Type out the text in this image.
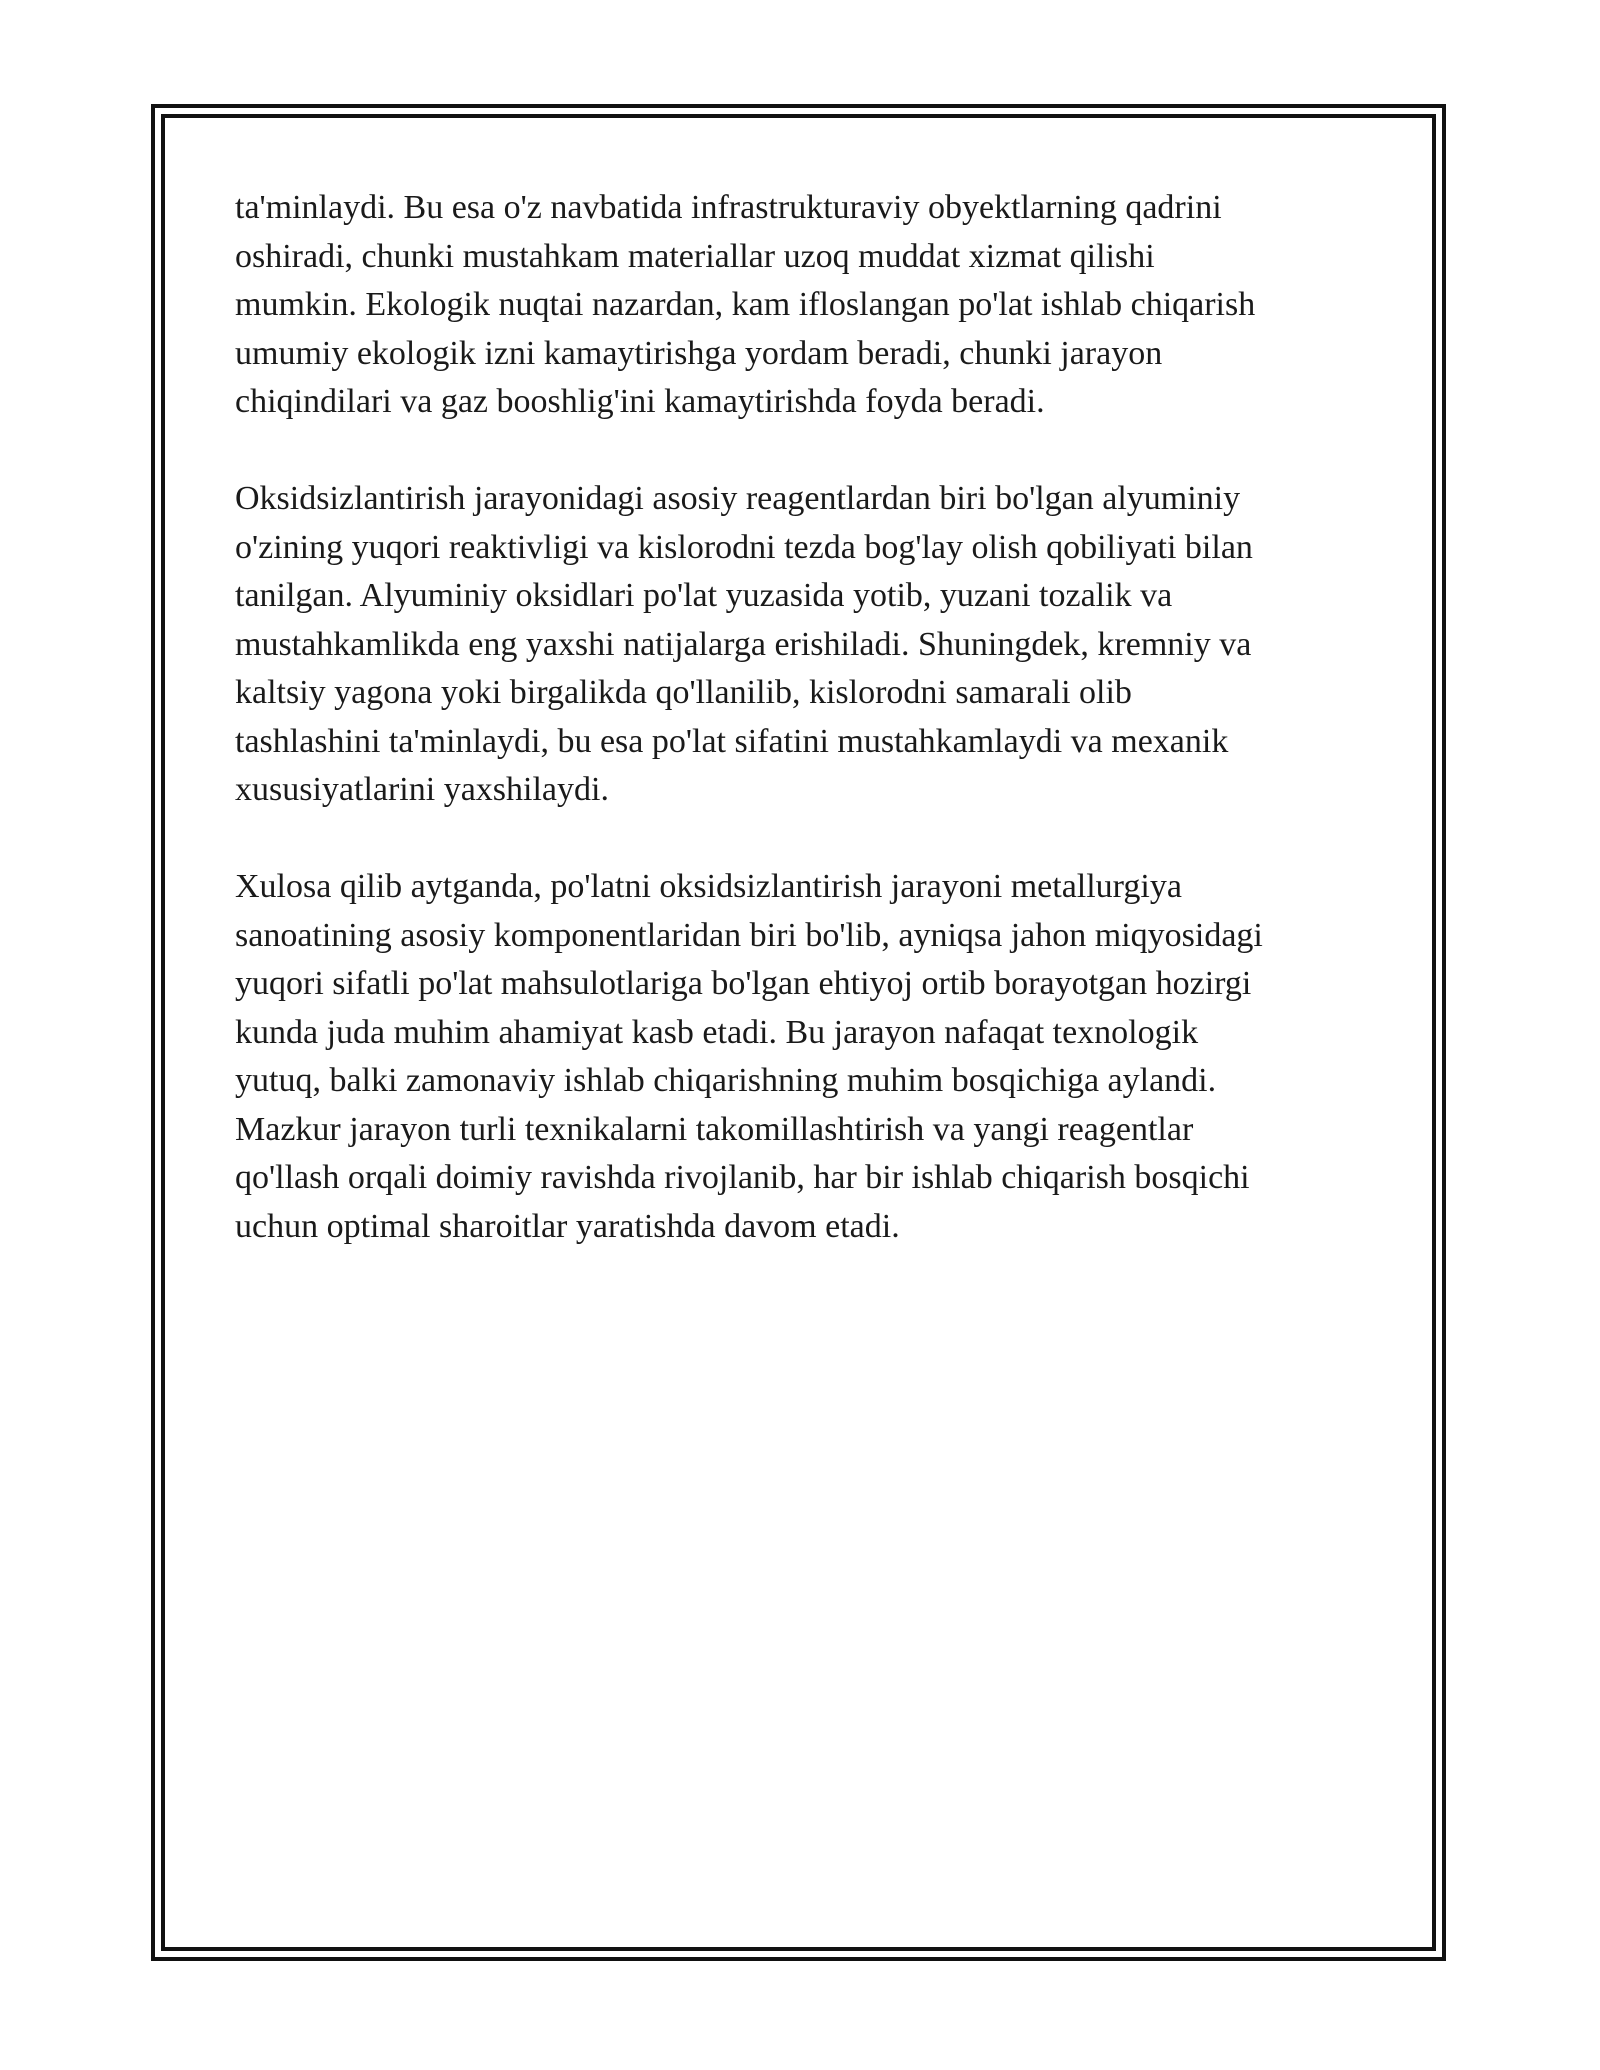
ta'minlaydi. Bu esa o'z navbatida infrastrukturaviy obyektlarning qadrini
oshiradi, chunki mustahkam materiallar uzoq muddat xizmat qilishi
mumkin. Ekologik nuqtai nazardan, kam ifloslangan po'lat ishlab chiqarish
umumiy ekologik izni kamaytirishga yordam beradi, chunki jarayon
chiqindilari va gaz booshlig'ini kamaytirishda foyda beradi.

Oksidsizlantirish jarayonidagi asosiy reagentlardan biri bo'lgan alyuminiy
o'zining yuqori reaktivligi va kislorodni tezda bog'lay olish qobiliyati bilan
tanilgan. Alyuminiy oksidlari po'lat yuzasida yotib, yuzani tozalik va
mustahkamlikda eng yaxshi natijalarga erishiladi. Shuningdek, kremniy va
kaltsiy yagona yoki birgalikda qo'llanilib, kislorodni samarali olib
tashlashini ta'minlaydi, bu esa po'lat sifatini mustahkamlaydi va mexanik
xususiyatlarini yaxshilaydi.

Xulosa qilib aytganda, po'latni oksidsizlantirish jarayoni metallurgiya
sanoatining asosiy komponentlaridan biri bo'lib, ayniqsa jahon miqyosidagi
yuqori sifatli po'lat mahsulotlariga bo'lgan ehtiyoj ortib borayotgan hozirgi
kunda juda muhim ahamiyat kasb etadi. Bu jarayon nafaqat texnologik
yutuq, balki zamonaviy ishlab chiqarishning muhim bosqichiga aylandi.
Mazkur jarayon turli texnikalarni takomillashtirish va yangi reagentlar
qo'llash orqali doimiy ravishda rivojlanib, har bir ishlab chiqarish bosqichi
uchun optimal sharoitlar yaratishda davom etadi.
